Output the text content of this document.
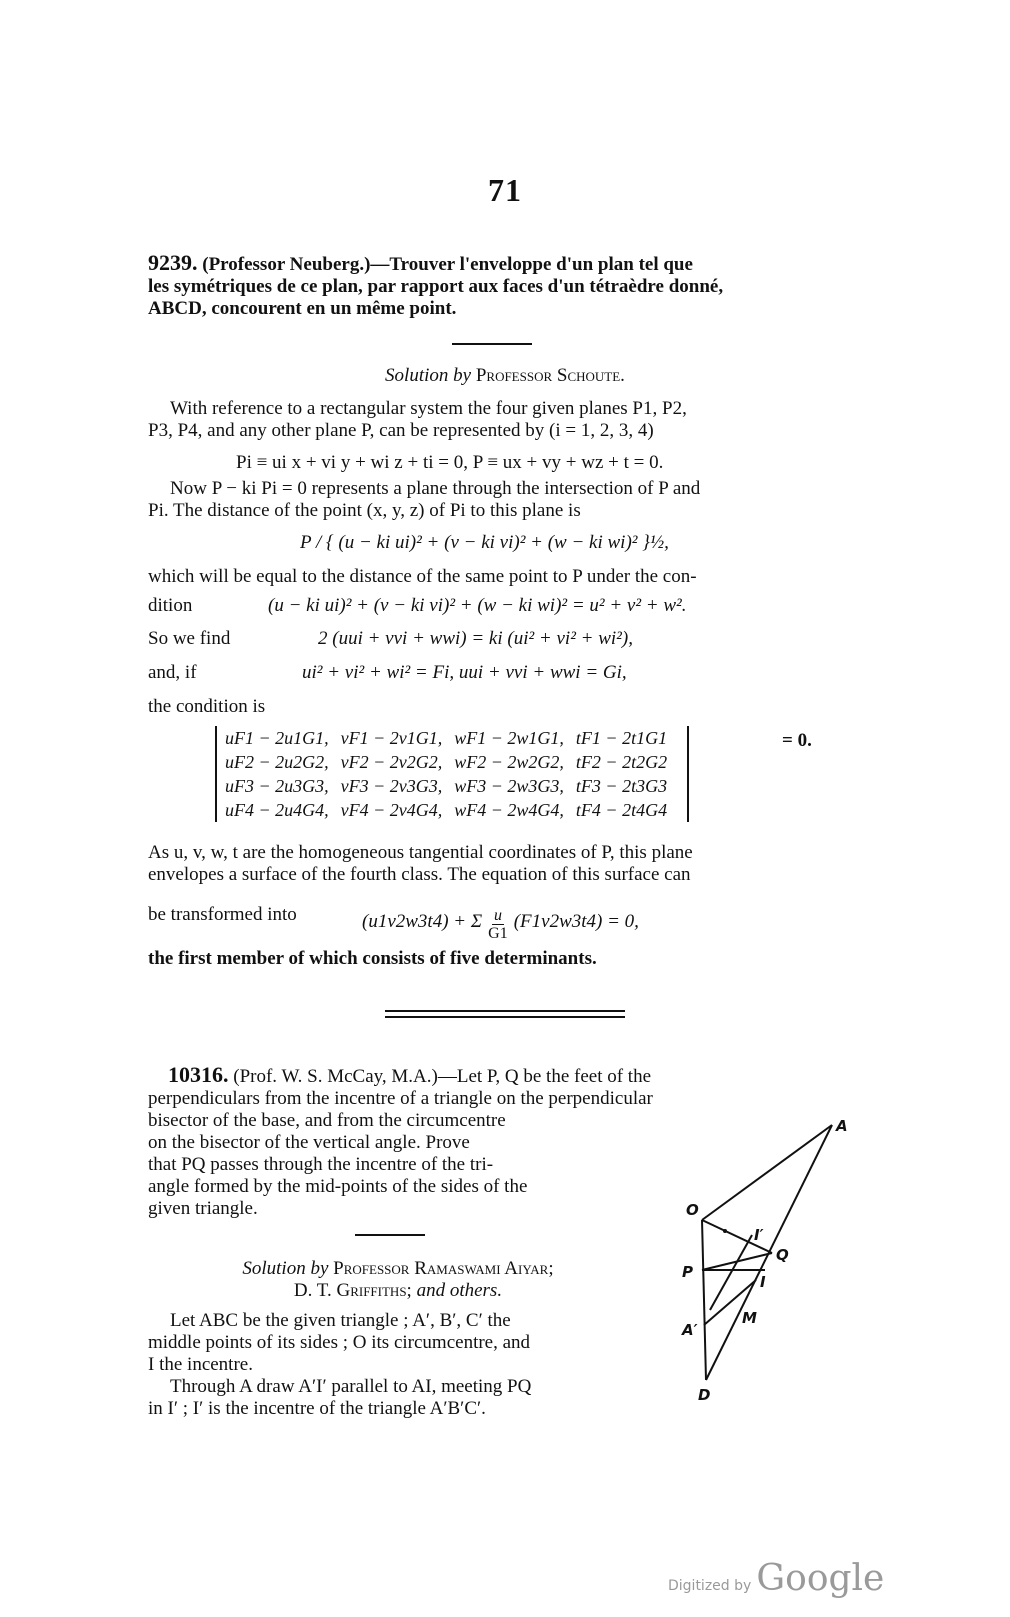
71
9239. (Professor Neuberg.)—Trouver l'enveloppe d'un plan tel que
les symétriques de ce plan, par rapport aux faces d'un tétraèdre donné,
ABCD, concourent en un même point.
Solution by Professor Schoute.
With reference to a rectangular system the four given planes P1, P2,
P3, P4, and any other plane P, can be represented by (i = 1, 2, 3, 4)
Pi ≡ ui x + vi y + wi z + ti = 0, P ≡ ux + vy + wz + t = 0.
Now P − ki Pi = 0 represents a plane through the intersection of P and
Pi. The distance of the point (x, y, z) of Pi to this plane is
P / { (u − ki ui)² + (v − ki vi)² + (w − ki wi)² }½,
which will be equal to the distance of the same point to P under the con-
dition	(u − ki ui)² + (v − ki vi)² + (w − ki wi)² = u² + v² + w².
So we find	2 (uui + vvi + wwi) = ki (ui² + vi² + wi²),
and, if	ui² + vi² + wi² = Fi, uui + vvi + wwi = Gi,
the condition is
uF1 − 2u1G1,	vF1 − 2v1G1,	wF1 − 2w1G1,	tF1 − 2t1G1
uF2 − 2u2G2,	vF2 − 2v2G2,	wF2 − 2w2G2,	tF2 − 2t2G2
uF3 − 2u3G3,	vF3 − 2v3G3,	wF3 − 2w3G3,	tF3 − 2t3G3
uF4 − 2u4G4,	vF4 − 2v4G4,	wF4 − 2w4G4,	tF4 − 2t4G4
= 0.
As u, v, w, t are the homogeneous tangential coordinates of P, this plane
envelopes a surface of the fourth class. The equation of this surface can
be transformed into	(u1v2w3t4) + Σ $\frac{u}{G1} (F1v2w3t4) = 0$,
the first member of which consists of five determinants.
10316. (Prof. W. S. McCay, M.A.)—Let P, Q be the feet of the
perpendiculars from the incentre of a triangle on the perpendicular
bisector of the base, and from the circumcentre
on the bisector of the vertical angle. Prove
that PQ passes through the incentre of the tri-
angle formed by the mid-points of the sides of the
given triangle.
Solution by Professor Ramaswami Aiyar;
D. T. Griffiths; and others.
Let ABC be the given triangle ; A′, B′, C′ the
middle points of its sides ; O its circumcentre, and
I the incentre.
Through A draw A′I′ parallel to AI, meeting PQ
in I′ ; I′ is the incentre of the triangle A′B′C′.
A
O
I′
Q
P
I
A′
M
D
Digitized by Google
